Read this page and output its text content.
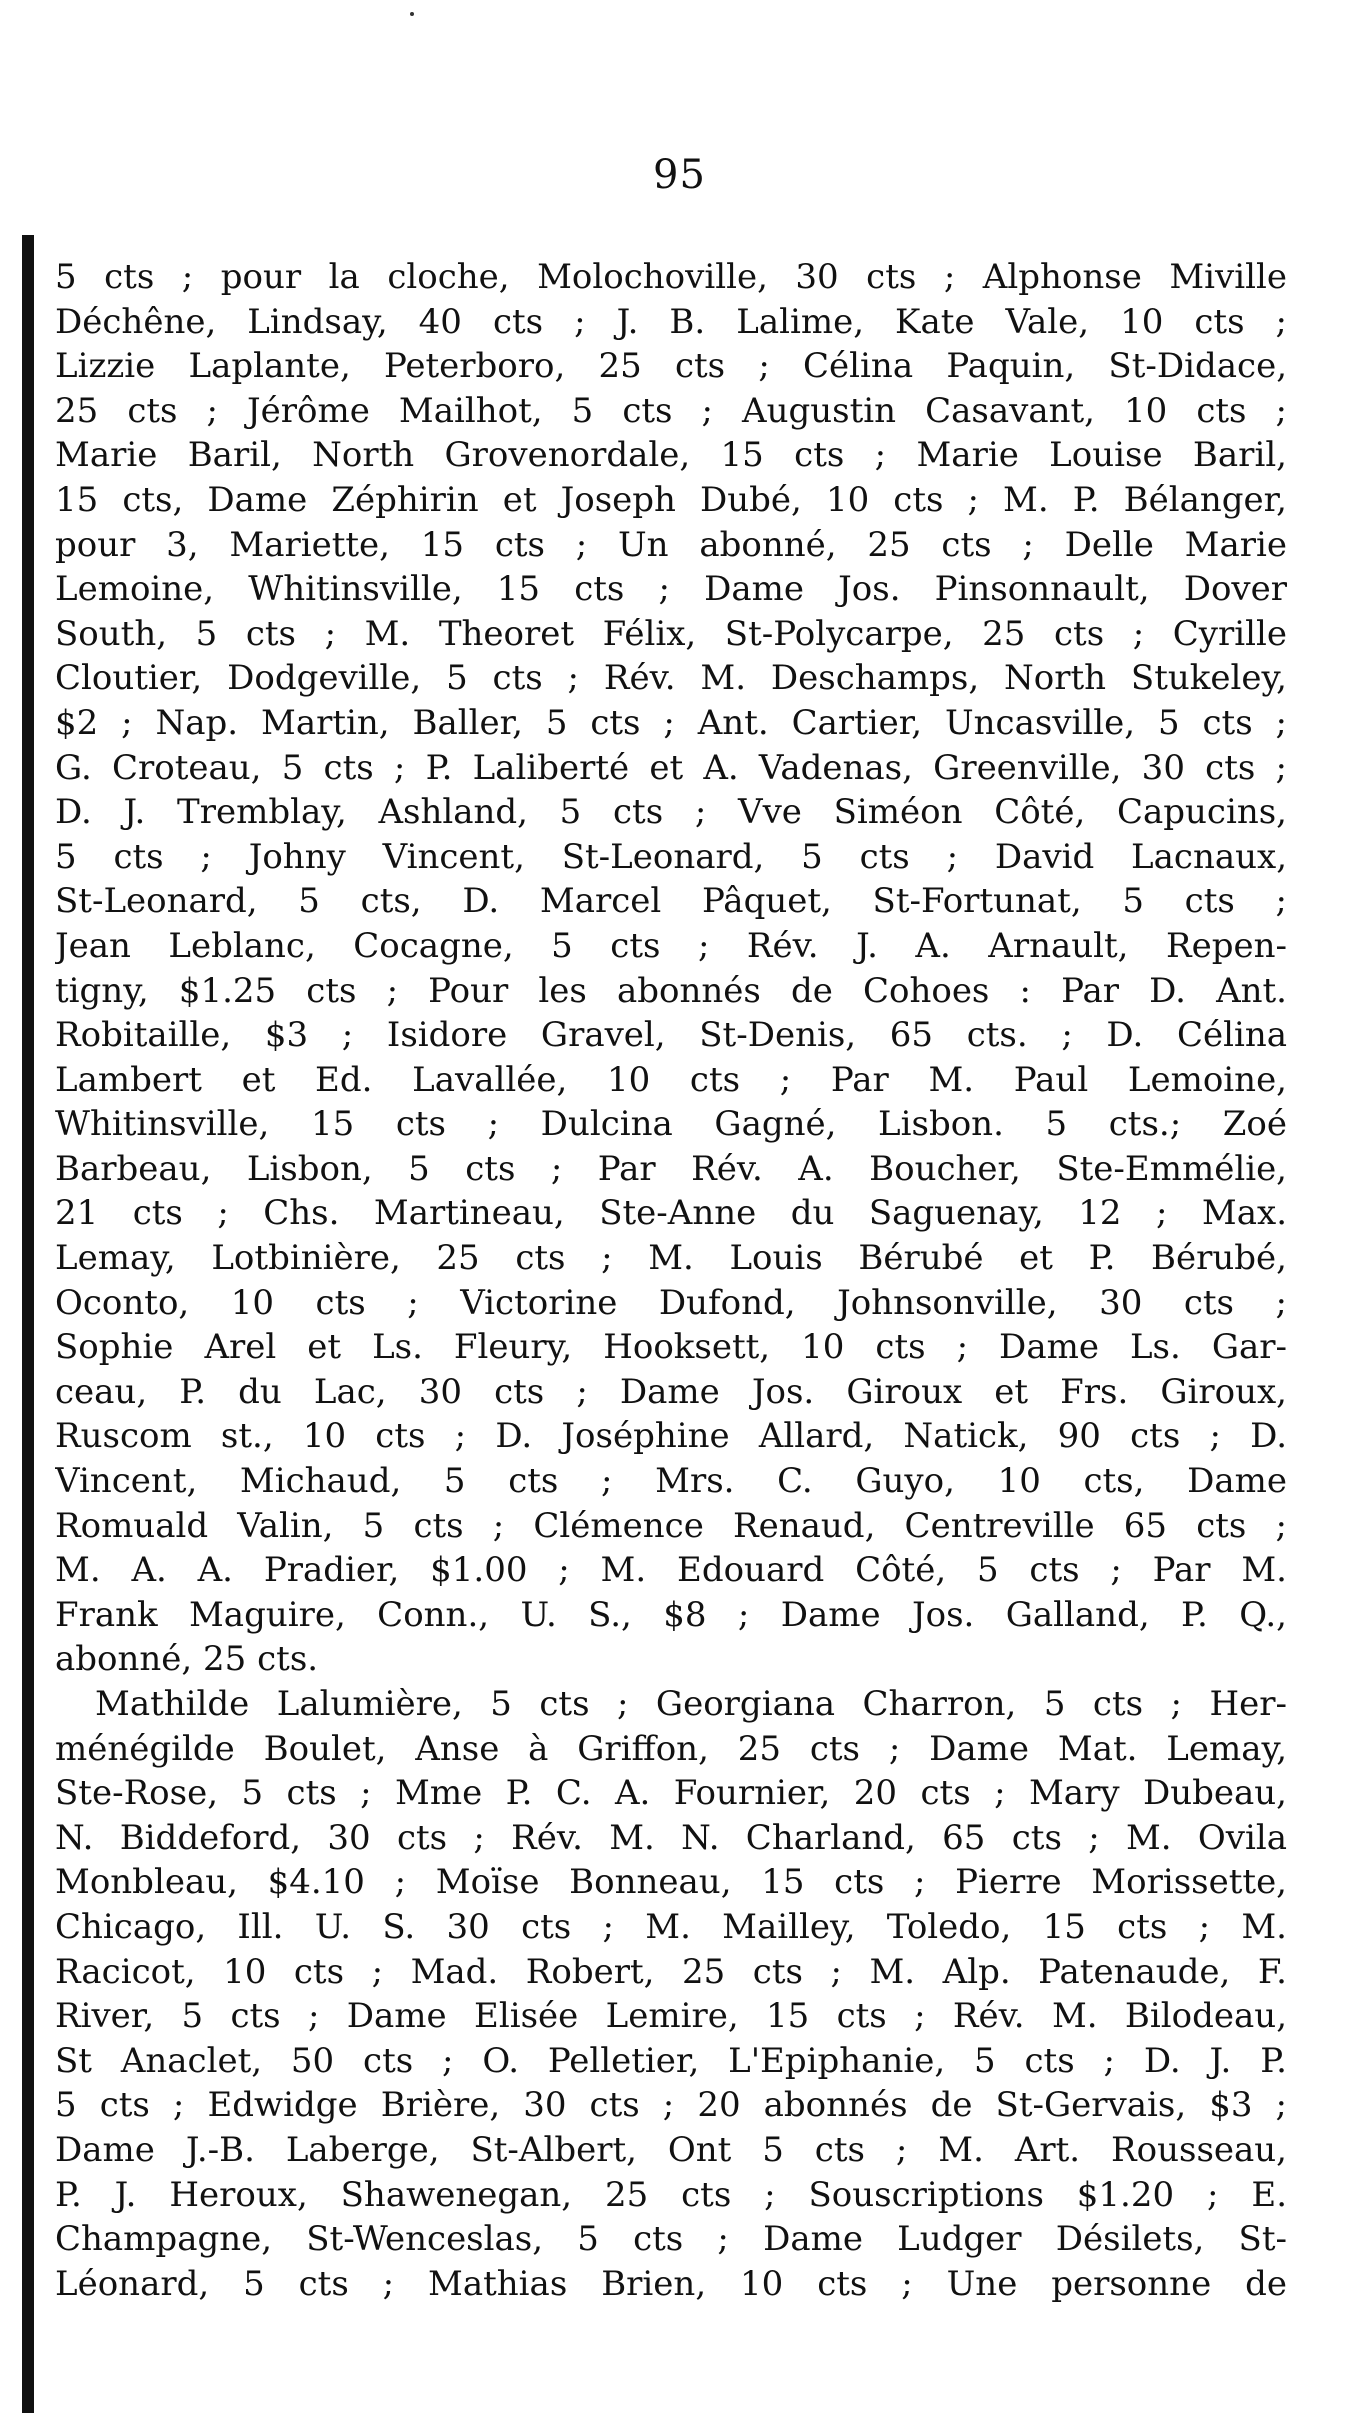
95
5 cts ; pour la cloche, Molochoville, 30 cts ; Alphonse Miville
Déchêne, Lindsay, 40 cts ; J. B. Lalime, Kate Vale, 10 cts ;
Lizzie Laplante, Peterboro, 25 cts ; Célina Paquin, St-Didace,
25 cts ; Jérôme Mailhot, 5 cts ; Augustin Casavant, 10 cts ;
Marie Baril, North Grovenordale, 15 cts ; Marie Louise Baril,
15 cts, Dame Zéphirin et Joseph Dubé, 10 cts ; M. P. Bélanger,
pour 3, Mariette, 15 cts ; Un abonné, 25 cts ; Delle Marie
Lemoine, Whitinsville, 15 cts ; Dame Jos. Pinsonnault, Dover
South, 5 cts ; M. Theoret Félix, St-Polycarpe, 25 cts ; Cyrille
Cloutier, Dodgeville, 5 cts ; Rév. M. Deschamps, North Stukeley,
$2 ; Nap. Martin, Baller, 5 cts ; Ant. Cartier, Uncasville, 5 cts ;
G. Croteau, 5 cts ; P. Laliberté et A. Vadenas, Greenville, 30 cts ;
D. J. Tremblay, Ashland, 5 cts ; Vve Siméon Côté, Capucins,
5 cts ; Johny Vincent, St-Leonard, 5 cts ; David Lacnaux,
St-Leonard, 5 cts, D. Marcel Pâquet, St-Fortunat, 5 cts ;
Jean Leblanc, Cocagne, 5 cts ; Rév. J. A. Arnault, Repen-
tigny, $1.25 cts ; Pour les abonnés de Cohoes : Par D. Ant.
Robitaille, $3 ; Isidore Gravel, St-Denis, 65 cts. ; D. Célina
Lambert et Ed. Lavallée, 10 cts ; Par M. Paul Lemoine,
Whitinsville, 15 cts ; Dulcina Gagné, Lisbon. 5 cts.; Zoé
Barbeau, Lisbon, 5 cts ; Par Rév. A. Boucher, Ste-Emmélie,
21 cts ; Chs. Martineau, Ste-Anne du Saguenay, 12 ; Max.
Lemay, Lotbinière, 25 cts ; M. Louis Bérubé et P. Bérubé,
Oconto, 10 cts ; Victorine Dufond, Johnsonville, 30 cts ;
Sophie Arel et Ls. Fleury, Hooksett, 10 cts ; Dame Ls. Gar-
ceau, P. du Lac, 30 cts ; Dame Jos. Giroux et Frs. Giroux,
Ruscom st., 10 cts ; D. Joséphine Allard, Natick, 90 cts ; D.
Vincent, Michaud, 5 cts ; Mrs. C. Guyo, 10 cts, Dame
Romuald Valin, 5 cts ; Clémence Renaud, Centreville 65 cts ;
M. A. A. Pradier, $1.00 ; M. Edouard Côté, 5 cts ; Par M.
Frank Maguire, Conn., U. S., $8 ; Dame Jos. Galland, P. Q.,
abonné, 25 cts.
Mathilde Lalumière, 5 cts ; Georgiana Charron, 5 cts ; Her-
ménégilde Boulet, Anse à Griffon, 25 cts ; Dame Mat. Lemay,
Ste-Rose, 5 cts ; Mme P. C. A. Fournier, 20 cts ; Mary Dubeau,
N. Biddeford, 30 cts ; Rév. M. N. Charland, 65 cts ; M. Ovila
Monbleau, $4.10 ; Moïse Bonneau, 15 cts ; Pierre Morissette,
Chicago, Ill. U. S. 30 cts ; M. Mailley, Toledo, 15 cts ; M.
Racicot, 10 cts ; Mad. Robert, 25 cts ; M. Alp. Patenaude, F.
River, 5 cts ; Dame Elisée Lemire, 15 cts ; Rév. M. Bilodeau,
St Anaclet, 50 cts ; O. Pelletier, L'Epiphanie, 5 cts ; D. J. P.
5 cts ; Edwidge Brière, 30 cts ; 20 abonnés de St-Gervais, $3 ;
Dame J.-B. Laberge, St-Albert, Ont 5 cts ; M. Art. Rousseau,
P. J. Heroux, Shawenegan, 25 cts ; Souscriptions $1.20 ; E.
Champagne, St-Wenceslas, 5 cts ; Dame Ludger Désilets, St-
Léonard, 5 cts ; Mathias Brien, 10 cts ; Une personne de
